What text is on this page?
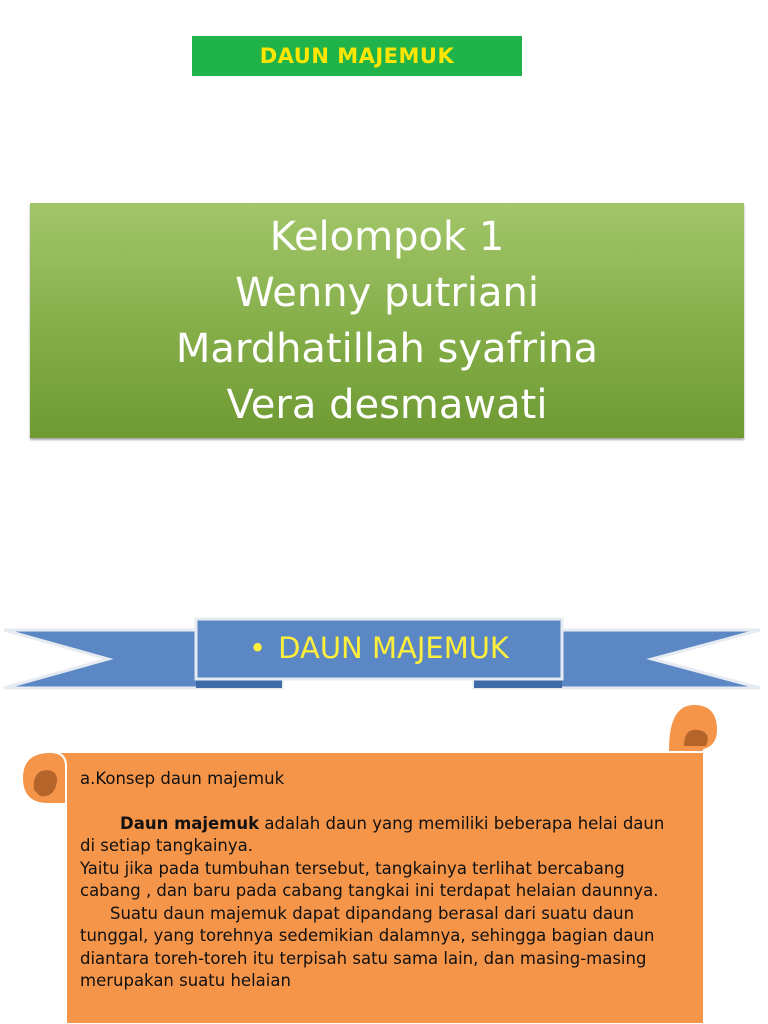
DAUN MAJEMUK
Kelompok 1
Wenny putriani
Mardhatillah syafrina
Vera desmawati
• DAUN MAJEMUK

a.Konsep daun majemuk

Daun majemuk adalah daun yang memiliki beberapa helai daun di setiap tangkainya.

Yaitu jika pada tumbuhan tersebut, tangkainya terlihat bercabang cabang , dan baru pada cabang tangkai ini terdapat helaian daunnya.

Suatu daun majemuk dapat dipandang berasal dari suatu daun tunggal, yang torehnya sedemikian dalamnya, sehingga bagian daun diantara toreh-toreh itu terpisah satu sama lain, dan masing-masing merupakan suatu helaian
